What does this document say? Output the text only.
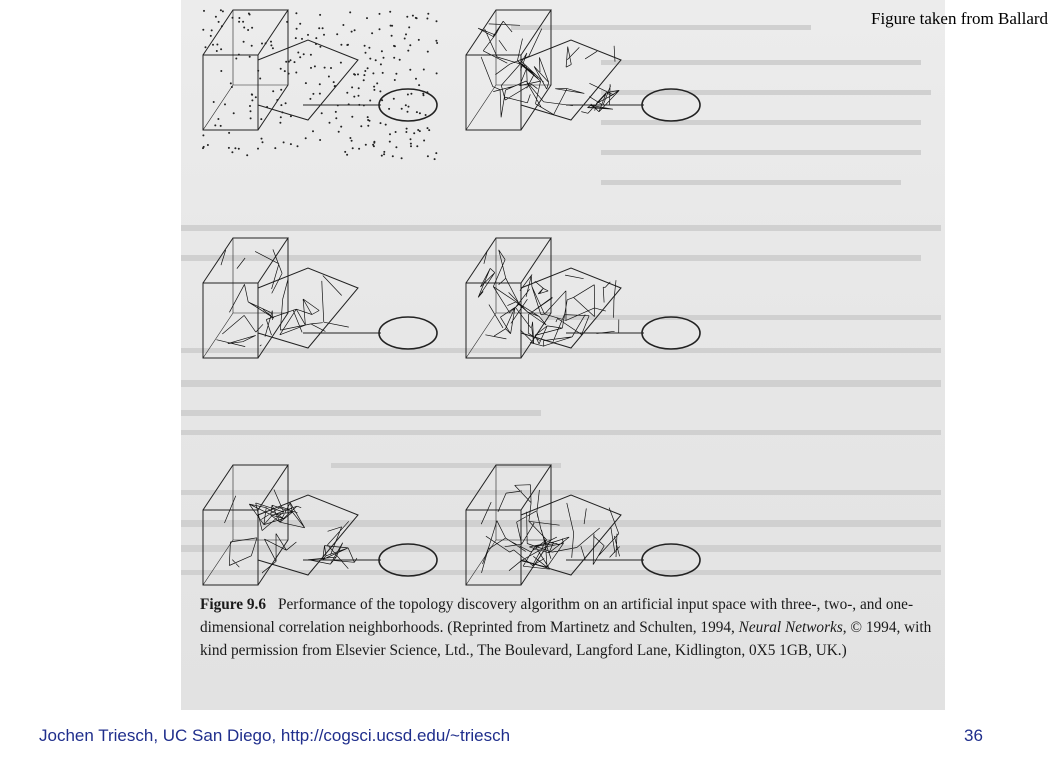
Figure taken from Ballard
Figure 9.6 Performance of the topology discovery algorithm on an artificial input space with three-, two-, and one-dimensional correlation neighborhoods. (Reprinted from Martinetz and Schulten, 1994, Neural Networks, © 1994, with kind permission from Elsevier Science, Ltd., The Boulevard, Langford Lane, Kidlington, 0X5 1GB, UK.)
Jochen Triesch, UC San Diego, http://cogsci.ucsd.edu/~triesch	36
